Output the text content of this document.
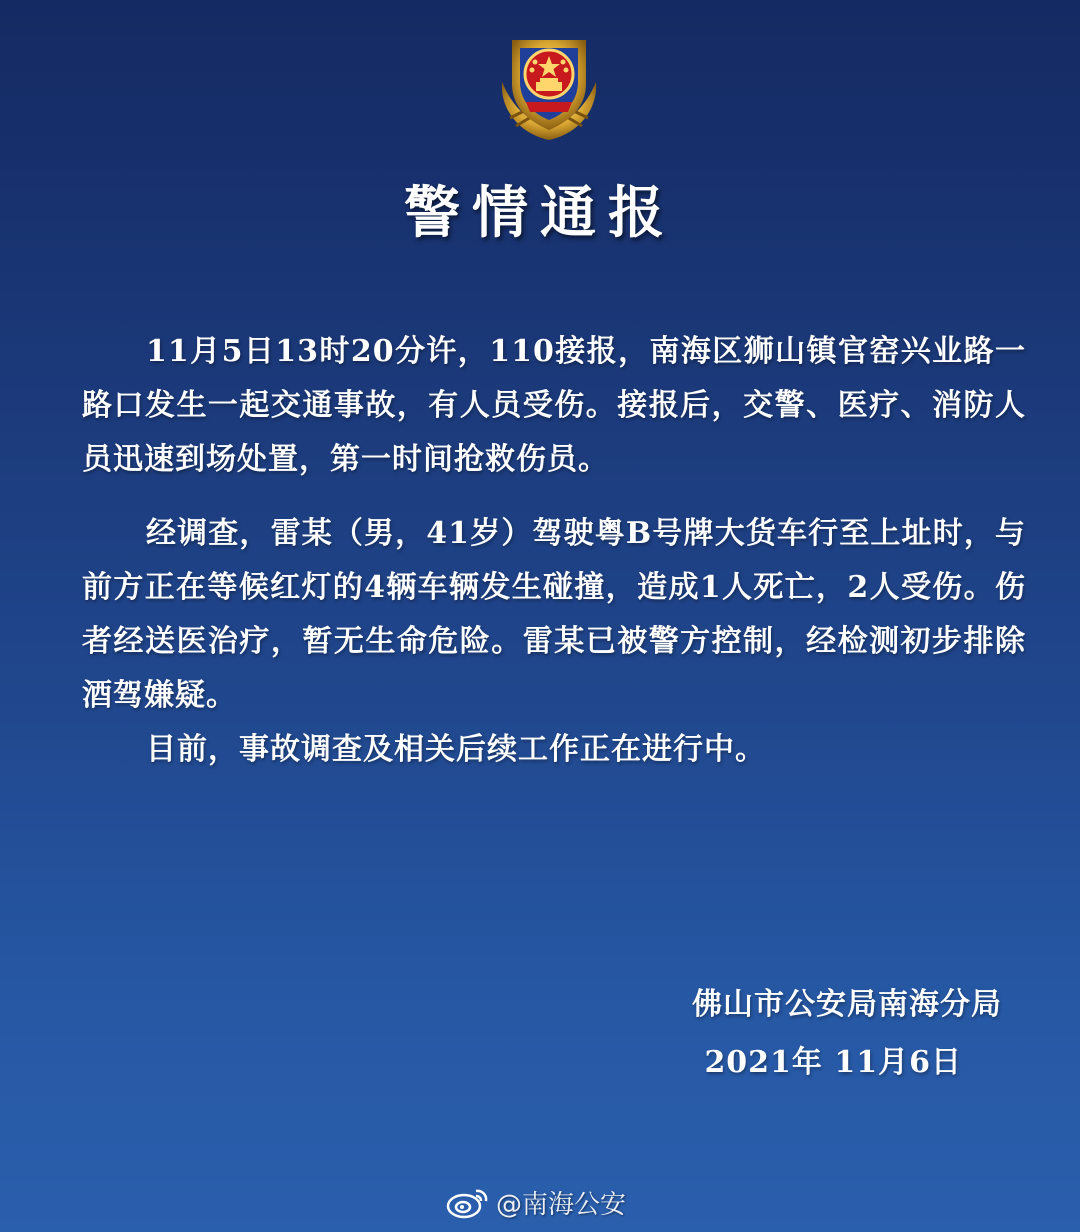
警情通报

11月5日13时20分许，110接报，南海区狮山镇官窑兴业路一路口发生一起交通事故，有人员受伤。接报后，交警、医疗、消防人员迅速到场处置，第一时间抢救伤员。

经调查，雷某（男，41岁）驾驶粤B号牌大货车行至上址时，与前方正在等候红灯的4辆车辆发生碰撞，造成1人死亡，2人受伤。伤者经送医治疗，暂无生命危险。雷某已被警方控制，经检测初步排除酒驾嫌疑。

目前，事故调查及相关后续工作正在进行中。

佛山市公安局南海分局
2021年 11月6日
@南海公安
